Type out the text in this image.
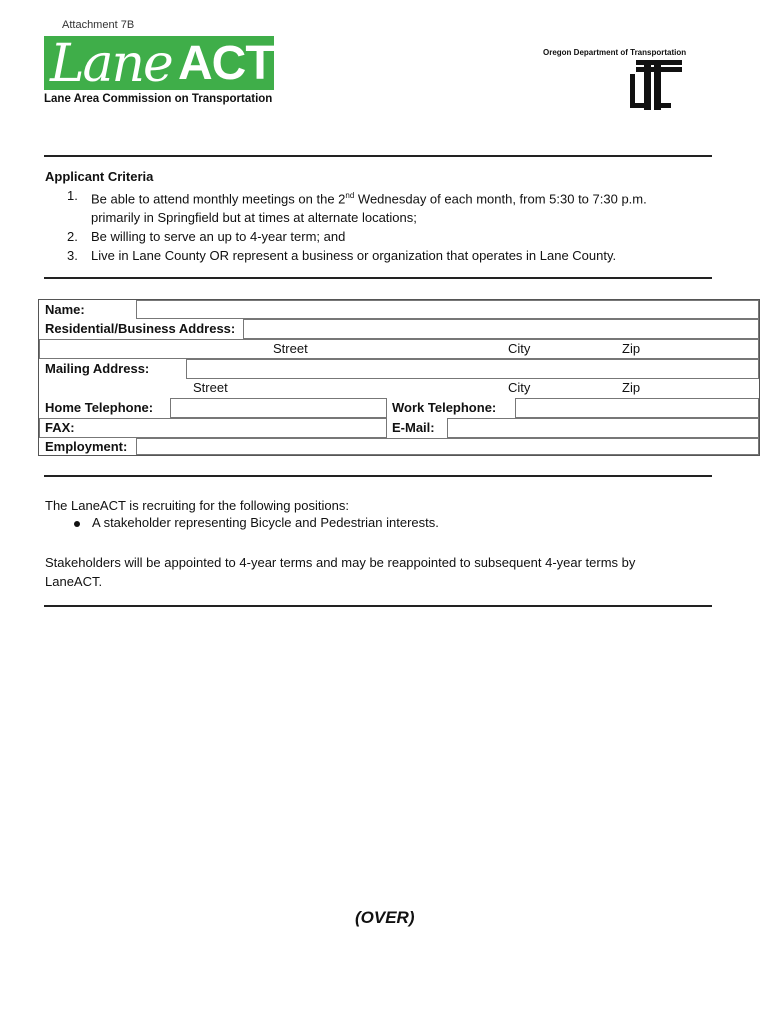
Attachment 7B
Lane ACT
Lane Area Commission on Transportation
Oregon Department of Transportation
Applicant Criteria
1. Be able to attend monthly meetings on the 2nd Wednesday of each month, from 5:30 to 7:30 p.m.
primarily in Springfield but at times at alternate locations;
2. Be willing to serve an up to 4-year term; and
3. Live in Lane County OR represent a business or organization that operates in Lane County.
Name:
Residential/Business Address:
Street	City	Zip
Mailing Address:
Street	City	Zip
Home Telephone:	Work Telephone:
FAX:	E-Mail:
Employment:
The LaneACT is recruiting for the following positions:
A stakeholder representing Bicycle and Pedestrian interests.
Stakeholders will be appointed to 4-year terms and may be reappointed to subsequent 4-year terms by
LaneACT.
(OVER)
